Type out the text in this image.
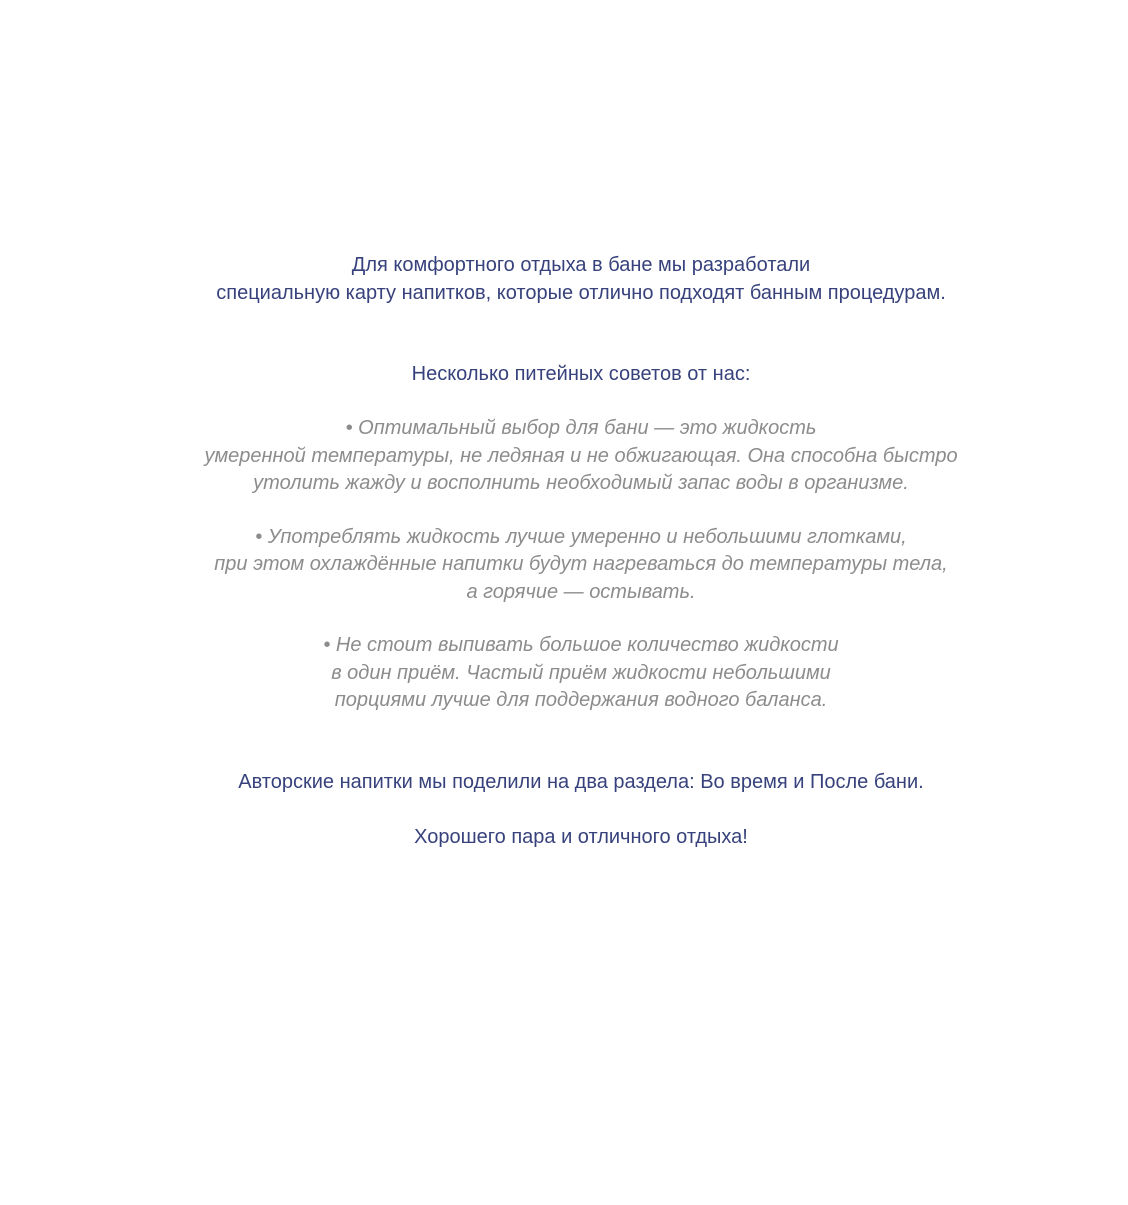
Для комфортного отдыха в бане мы разработали
специальную карту напитков, которые отлично подходят банным процедурам.
Несколько питейных советов от нас:
• Оптимальный выбор для бани — это жидкость
умеренной температуры, не ледяная и не обжигающая. Она способна быстро
утолить жажду и восполнить необходимый запас воды в организме.
• Употреблять жидкость лучше умеренно и небольшими глотками,
при этом охлаждённые напитки будут нагреваться до температуры тела,
а горячие — остывать.
• Не стоит выпивать большое количество жидкости
в один приём. Частый приём жидкости небольшими
порциями лучше для поддержания водного баланса.
Авторские напитки мы поделили на два раздела: Во время и После бани.
Хорошего пара и отличного отдыха!
